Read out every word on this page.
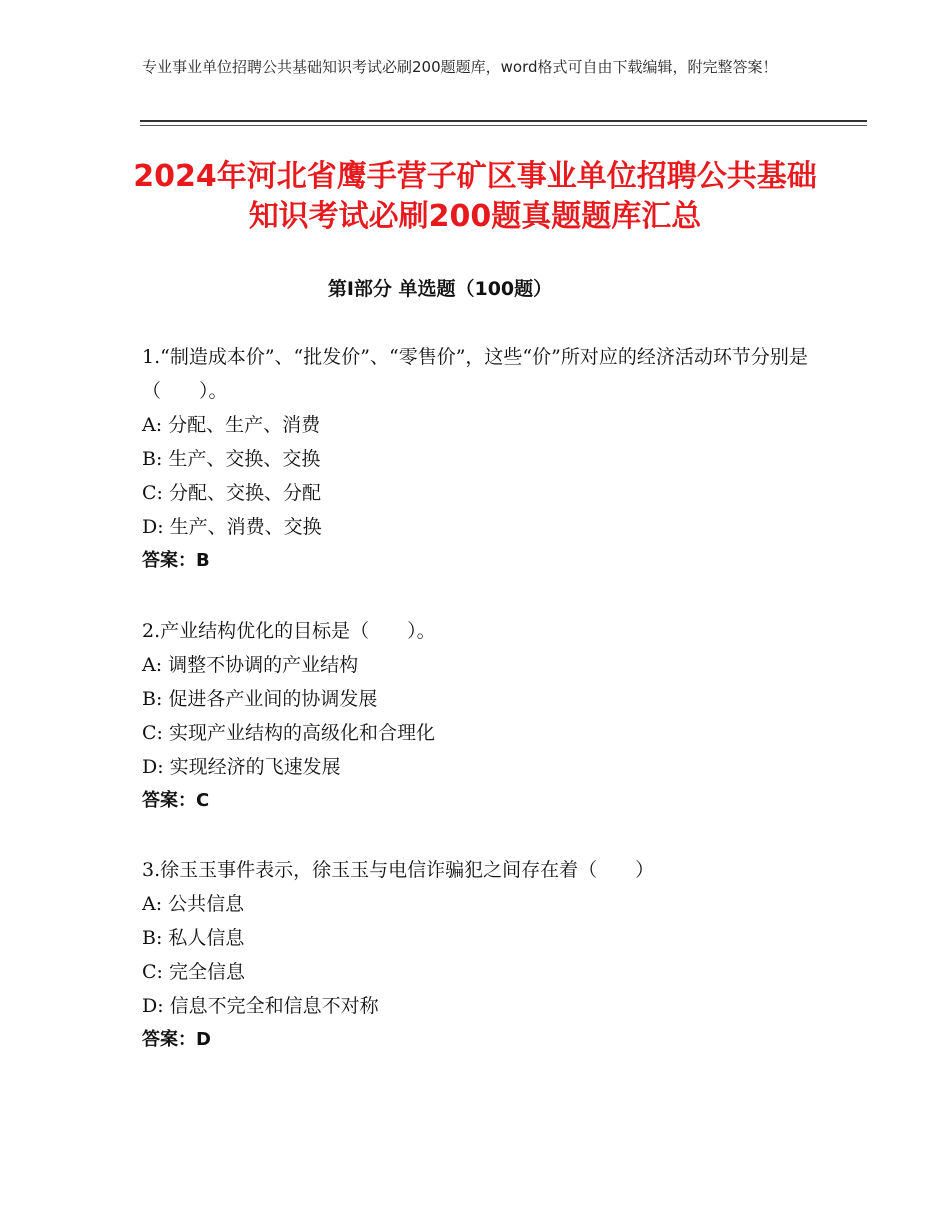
专业事业单位招聘公共基础知识考试必刷200题题库，word格式可自由下载编辑，附完整答案！
2024年河北省鹰手营子矿区事业单位招聘公共基础知识考试必刷200题真题题库汇总
第Ⅰ部分 单选题（100题）
1.“制造成本价”、“批发价”、“零售价”，这些“价”所对应的经济活动环节分别是（　　）。
A: 分配、生产、消费
B: 生产、交换、交换
C: 分配、交换、分配
D: 生产、消费、交换
答案：B
2.产业结构优化的目标是（　　）。
A: 调整不协调的产业结构
B: 促进各产业间的协调发展
C: 实现产业结构的高级化和合理化
D: 实现经济的飞速发展
答案：C
3.徐玉玉事件表示，徐玉玉与电信诈骗犯之间存在着（　　）
A: 公共信息
B: 私人信息
C: 完全信息
D: 信息不完全和信息不对称
答案：D
